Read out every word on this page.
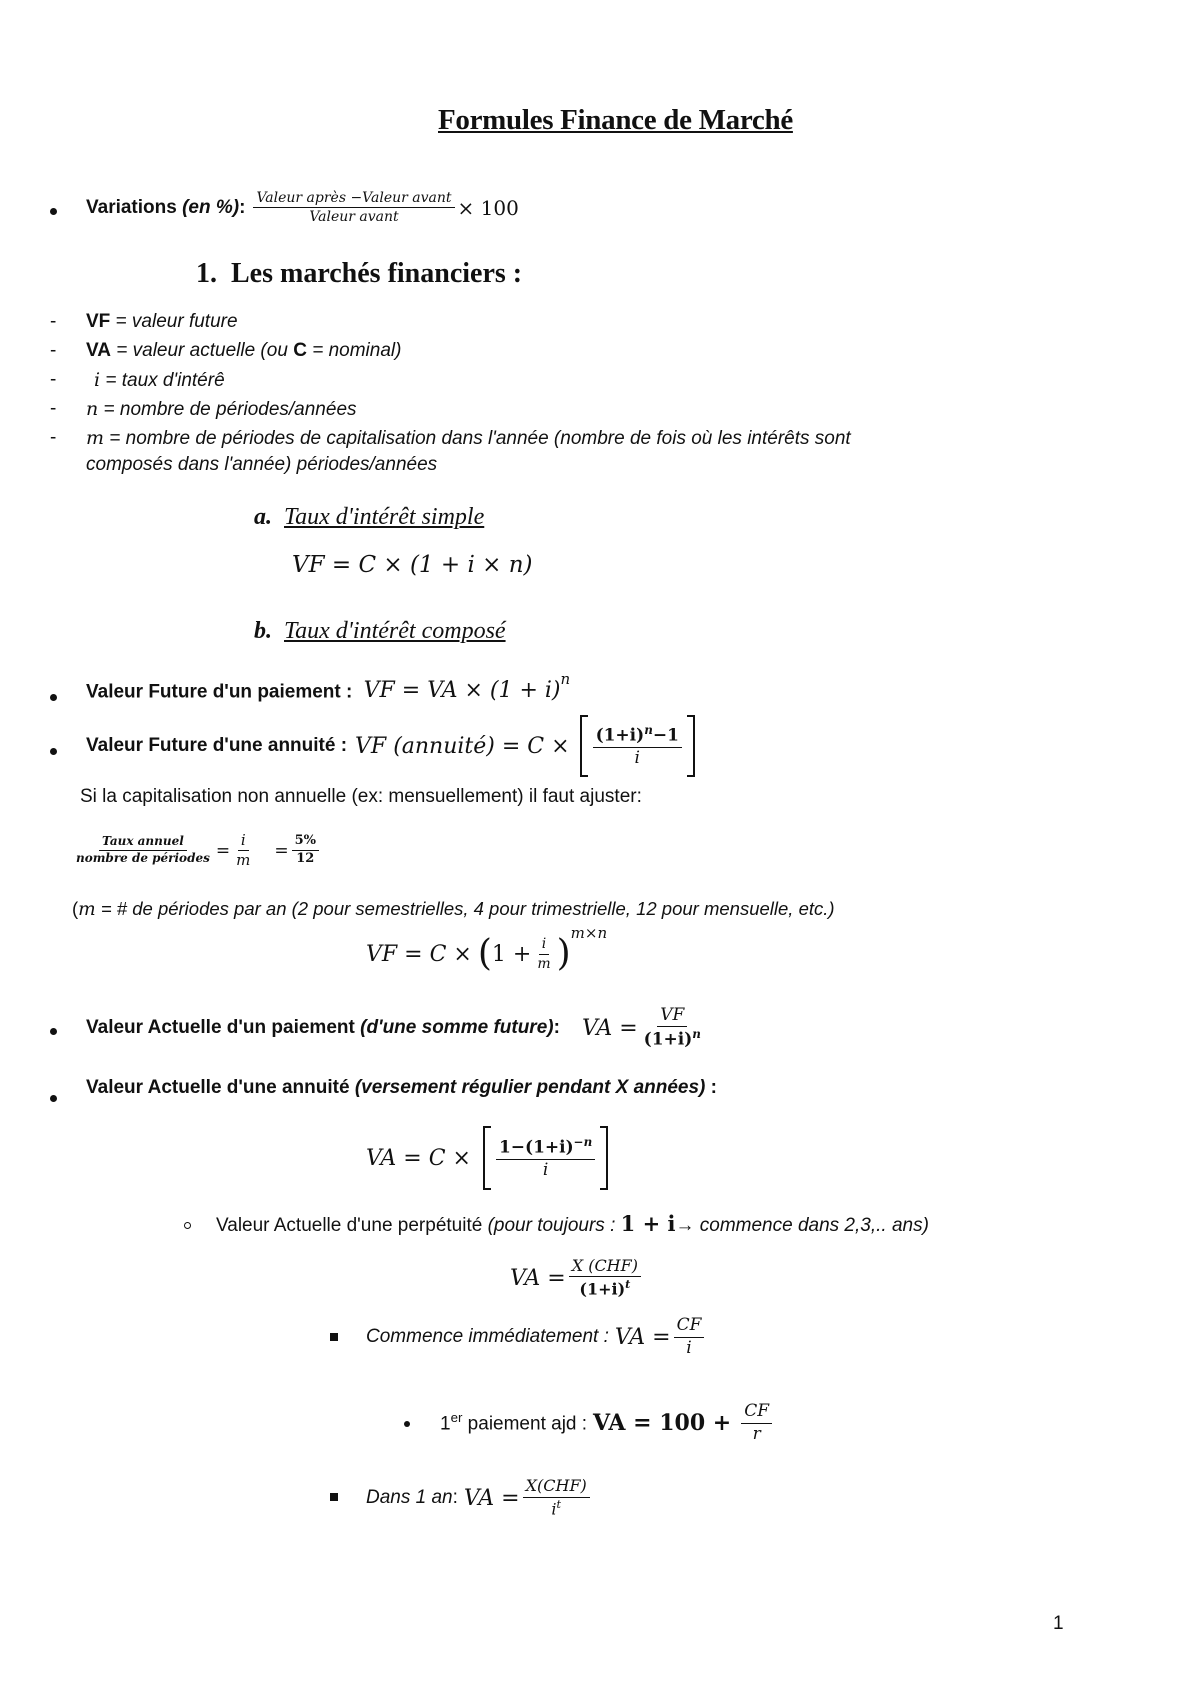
Formules Finance de Marché
Variations
(en %) : $\frac{\text{Valeur après −Valeur avant}}{\text{Valeur avant}} \times 100$
1. Les marchés financiers :
- VF = valeur future
- VA = valeur actuelle (ou C = nominal)
- i = taux d'intérê
- n = nombre de périodes/années
- m = nombre de périodes de capitalisation dans l'année (nombre de fois où les intérêts sont
composés dans l'année) périodes/années
a. Taux d'intérêt simple
VF = C × (1 + i × n)
b. Taux d'intérêt composé
Valeur Future d'un paiement : VF = VA × $(1 + i)^n$
Valeur Future d'une annuité : VF (annuité) = $C \times \frac{(1+i)^n-1}{i}$
Si la capitalisation non annuelle (ex: mensuellement) il faut ajuster:
$\frac{\text{Taux annuel}}{\text{nombre de périodes}} = \frac{i}{m} = \frac{5\%}{12}$
(m = # de périodes par an (2 pour semestrielles, 4 pour trimestrielle, 12 pour mensuelle, etc.)
VF = C × ( $1 + \frac{i}{m}$ ) m×n
Valeur Actuelle d'un paiement
(d'une somme future) : VA = $\frac{VF}{(1+i)^n}$
Valeur Actuelle d'une annuité (versement régulier pendant X années) :
VA = $C \times \frac{1-(1+i)^{-n}}{i}$
Valeur Actuelle d'une perpétuité (pour toujours : 1 + i→ commence dans 2,3,.. ans)
VA = $\frac{\text{X (CHF)}}{(1+i)^t}$
Commence immédiatement : VA = $\frac{CF}{i}$
1er paiement ajd : VA = $100 + \frac{CF}{r}$
Dans 1 an : VA = $\frac{\text{X(CHF)}}{i^t}$
1
